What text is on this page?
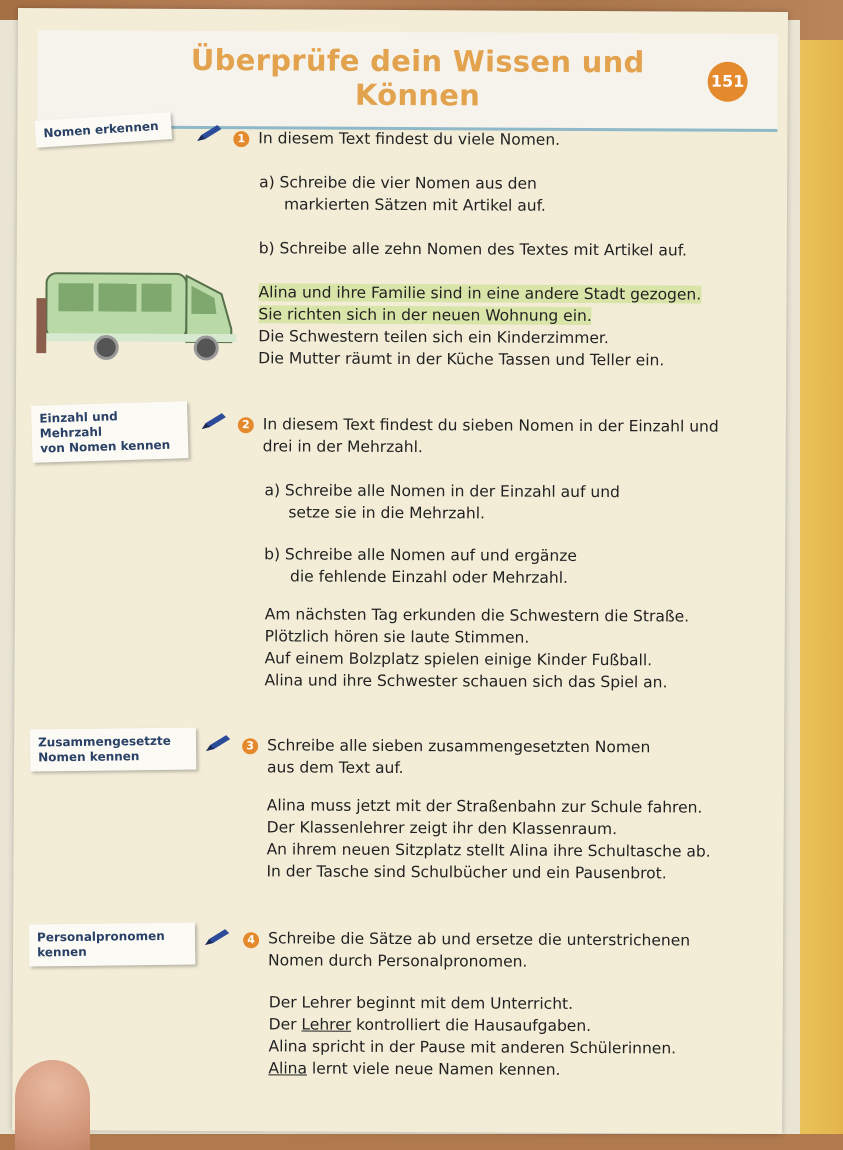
Überprüfe dein Wissen und Können	151
Nomen erkennen	1 In diesem Text findest du viele Nomen.
a) Schreibe die vier Nomen aus den
markierten Sätzen mit Artikel auf.
b) Schreibe alle zehn Nomen des Textes mit Artikel auf.
Alina und ihre Familie sind in eine andere Stadt gezogen.
Sie richten sich in der neuen Wohnung ein.
Die Schwestern teilen sich ein Kinderzimmer.
Die Mutter räumt in der Küche Tassen und Teller ein.
Einzahl und
Mehrzahl
von Nomen kennen
2 In diesem Text findest du sieben Nomen in der Einzahl und
drei in der Mehrzahl.
a) Schreibe alle Nomen in der Einzahl auf und
setze sie in die Mehrzahl.
b) Schreibe alle Nomen auf und ergänze
die fehlende Einzahl oder Mehrzahl.
Am nächsten Tag erkunden die Schwestern die Straße.
Plötzlich hören sie laute Stimmen.
Auf einem Bolzplatz spielen einige Kinder Fußball.
Alina und ihre Schwester schauen sich das Spiel an.
Zusammengesetzte
Nomen kennen
3 Schreibe alle sieben zusammengesetzten Nomen
aus dem Text auf.
Alina muss jetzt mit der Straßenbahn zur Schule fahren.
Der Klassenlehrer zeigt ihr den Klassenraum.
An ihrem neuen Sitzplatz stellt Alina ihre Schultasche ab.
In der Tasche sind Schulbücher und ein Pausenbrot.
Personalpronomen
kennen
4 Schreibe die Sätze ab und ersetze die unterstrichenen
Nomen durch Personalpronomen.
Der Lehrer beginnt mit dem Unterricht.
Der Lehrer kontrolliert die Hausaufgaben.
Alina spricht in der Pause mit anderen Schülerinnen.
Alina lernt viele neue Namen kennen.
